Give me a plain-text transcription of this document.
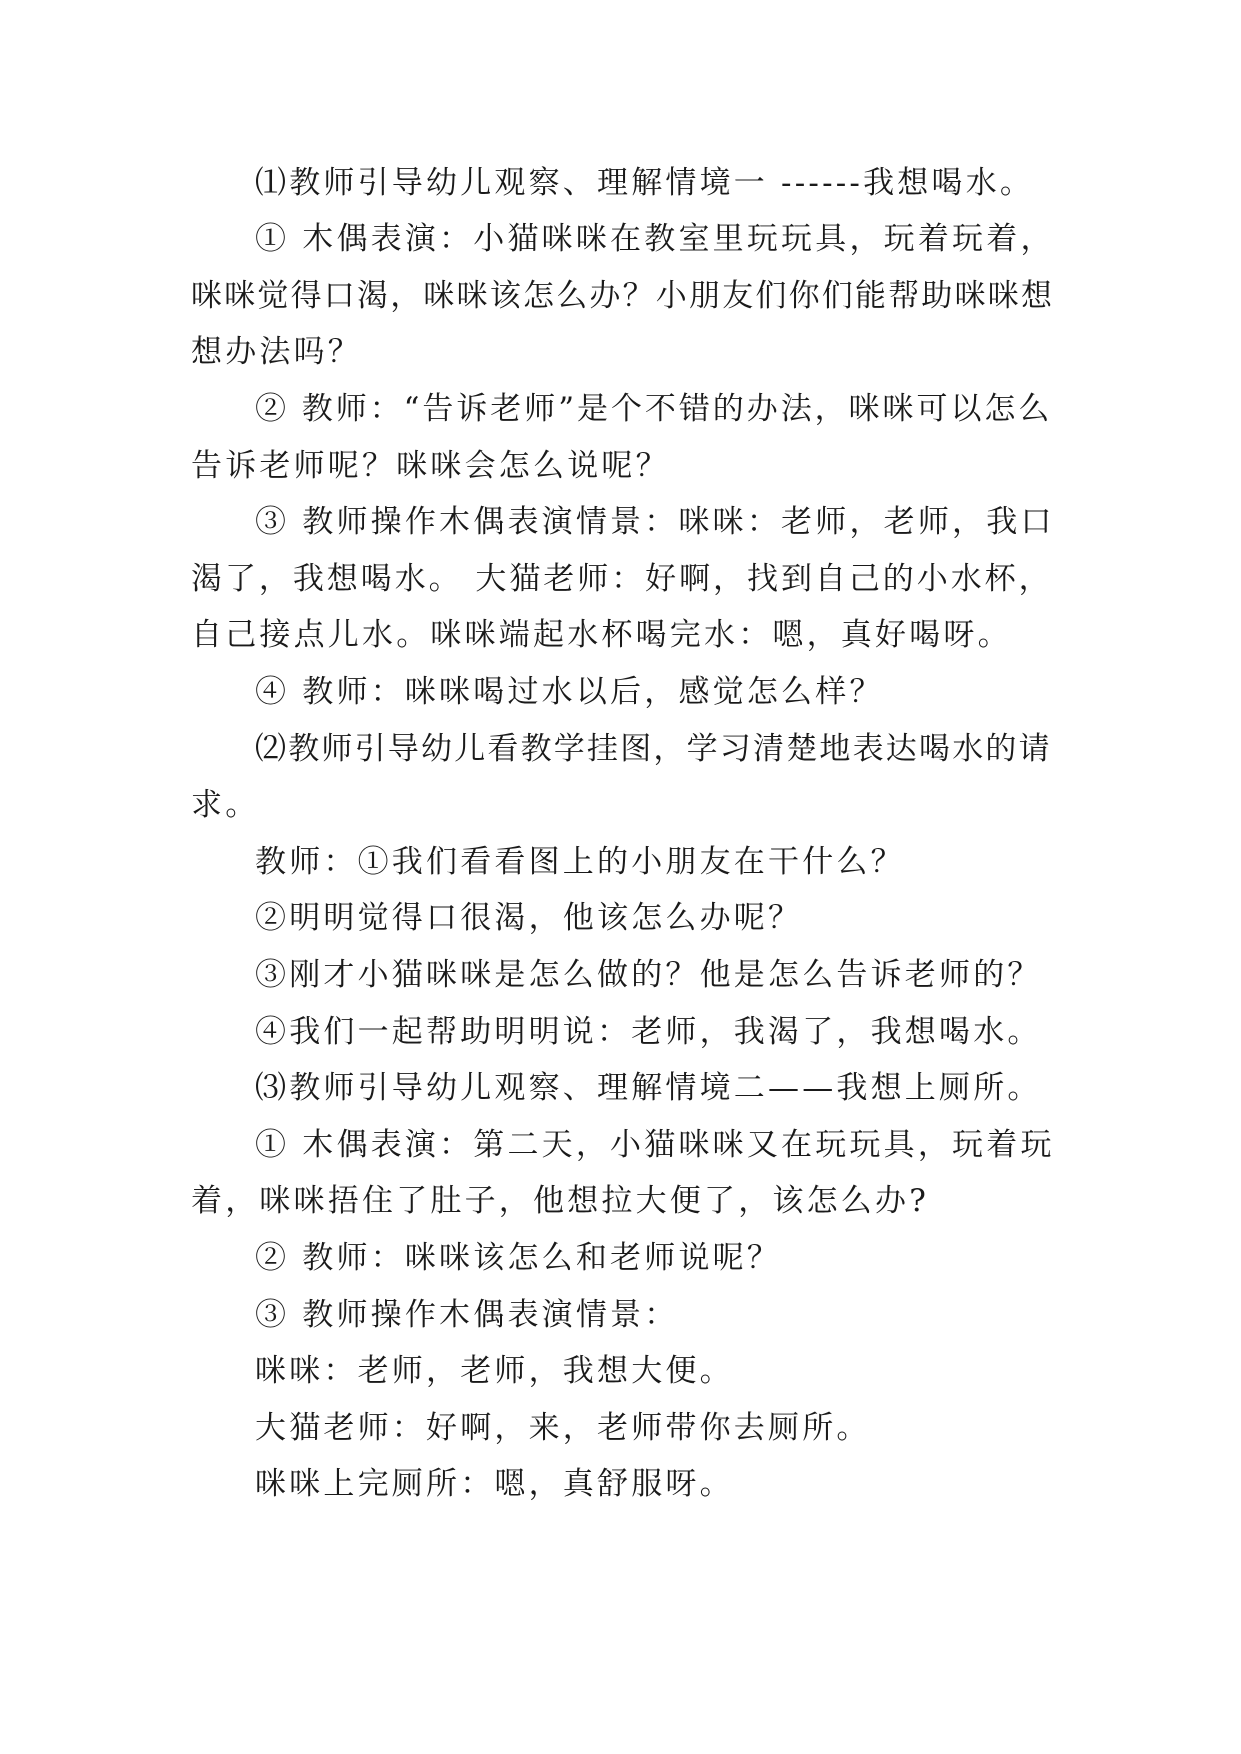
⑴教师引导幼儿观察、理解情境一 ------我想喝水。

① 木偶表演：小猫咪咪在教室里玩玩具，玩着玩着，

咪咪觉得口渴，咪咪该怎么办？小朋友们你们能帮助咪咪想

想办法吗？

② 教师：“告诉老师”是个不错的办法，咪咪可以怎么

告诉老师呢？咪咪会怎么说呢？

③ 教师操作木偶表演情景：咪咪：老师，老师，我口

渴了，我想喝水。 大猫老师：好啊，找到自己的小水杯，

自己接点儿水。咪咪端起水杯喝完水：嗯，真好喝呀。

④ 教师：咪咪喝过水以后，感觉怎么样？

⑵教师引导幼儿看教学挂图，学习清楚地表达喝水的请

求。

教师：①我们看看图上的小朋友在干什么？

②明明觉得口很渴，他该怎么办呢？

③刚才小猫咪咪是怎么做的？他是怎么告诉老师的？

④我们一起帮助明明说：老师，我渴了，我想喝水。

⑶教师引导幼儿观察、理解情境二——我想上厕所。

① 木偶表演：第二天，小猫咪咪又在玩玩具，玩着玩

着，咪咪捂住了肚子，他想拉大便了，该怎么办?

② 教师：咪咪该怎么和老师说呢？

③ 教师操作木偶表演情景：

咪咪：老师，老师，我想大便。

大猫老师：好啊，来，老师带你去厕所。

咪咪上完厕所：嗯，真舒服呀。
